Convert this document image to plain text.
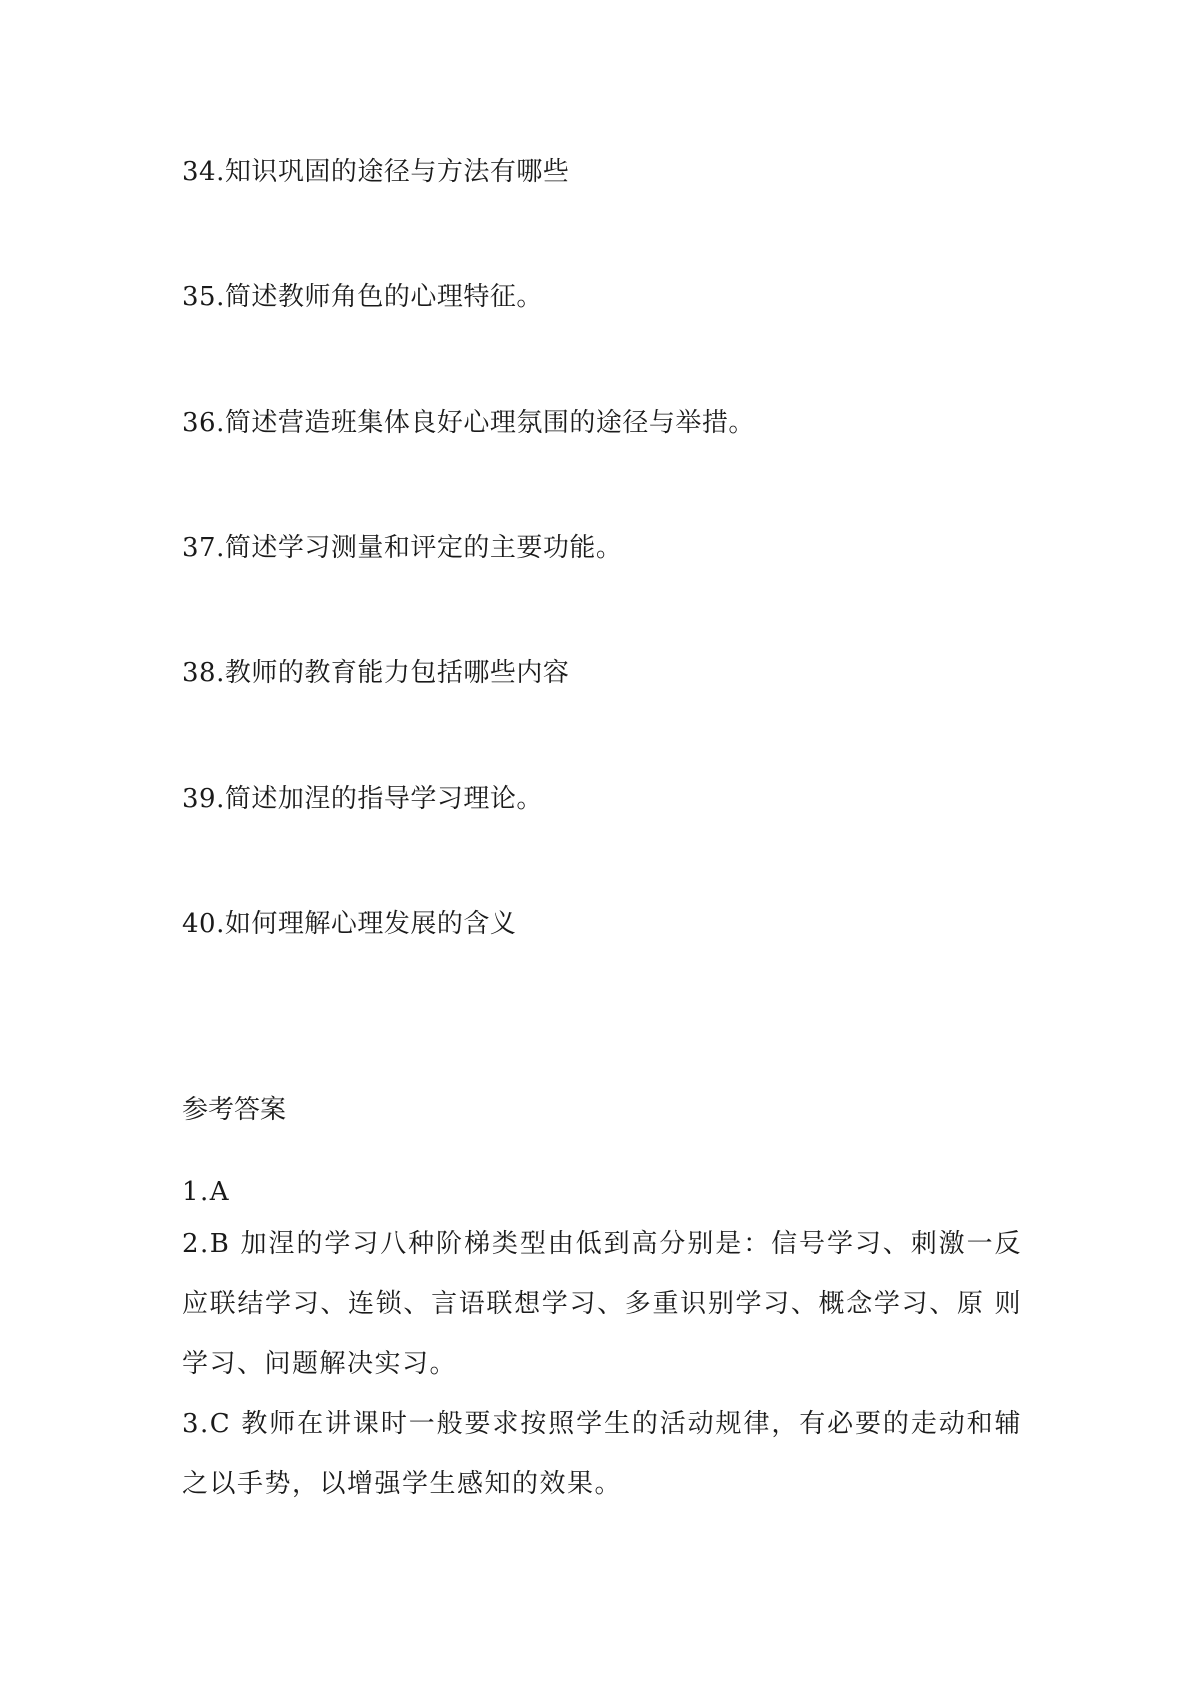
34.知识巩固的途径与方法有哪些
35.简述教师角色的心理特征。
36.简述营造班集体良好心理氛围的途径与举措。
37.简述学习测量和评定的主要功能。
38.教师的教育能力包括哪些内容
39.简述加涅的指导学习理论。
40.如何理解心理发展的含义
参考答案

1.A

2.B 加涅的学习八种阶梯类型由低到高分别是：信号学习、刺激一反应联结学习、连锁、言语联想学习、多重识别学习、概念学习、原 则学习、问题解决实习。

3.C 教师在讲课时一般要求按照学生的活动规律，有必要的走动和辅之以手势，以增强学生感知的效果。
